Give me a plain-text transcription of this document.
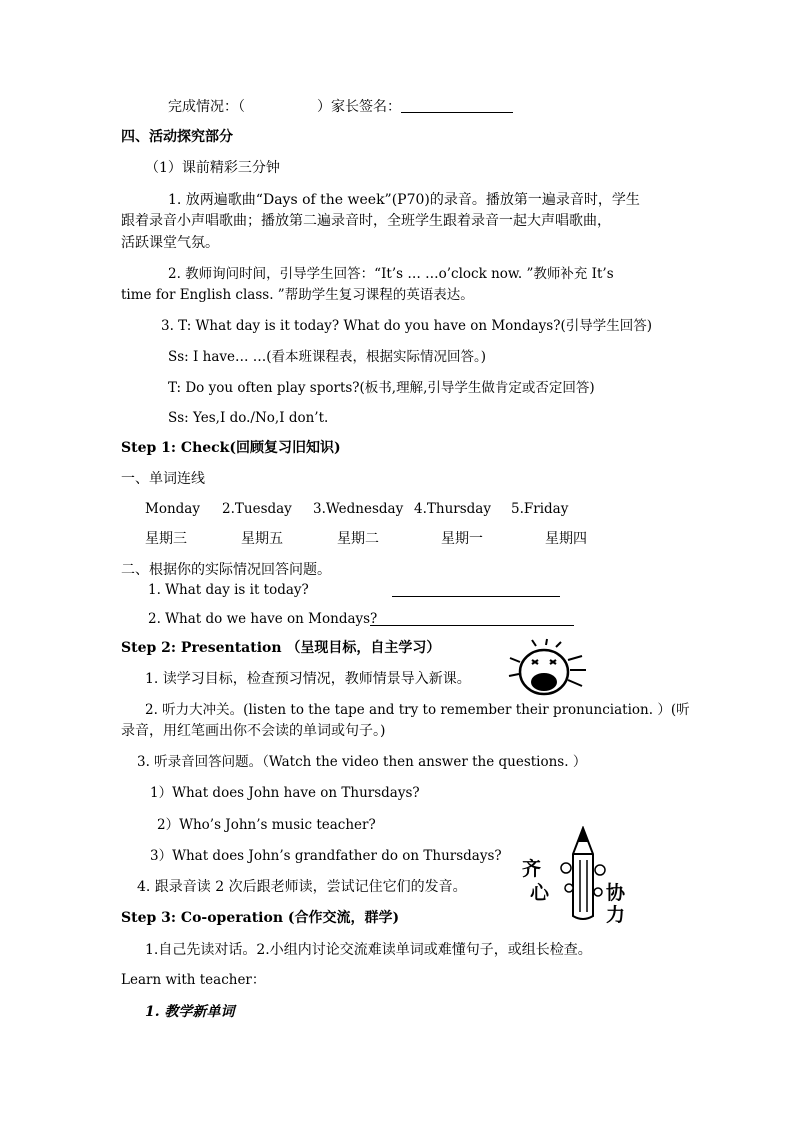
完成情况：（	）家长签名：
四、活动探究部分
（1）课前精彩三分钟
1. 放两遍歌曲“Days of the week”(P70)的录音。播放第一遍录音时，学生
跟着录音小声唱歌曲；播放第二遍录音时，全班学生跟着录音一起大声唱歌曲，
活跃课堂气氛。
2. 教师询问时间，引导学生回答：“It’s … …o’clock now. ”教师补充 It’s
time for English class. ”帮助学生复习课程的英语表达。
3. T: What day is it today? What do you have on Mondays?(引导学生回答)
Ss: I have… …(看本班课程表，根据实际情况回答。)
T: Do you often play sports?(板书,理解,引导学生做肯定或否定回答)
Ss: Yes,I do./No,I don’t.
Step 1: Check(回顾复习旧知识)
一、单词连线
Monday 2.Tuesday 3.Wednesday 4.Thursday 5.Friday
星期三	星期五	星期二	星期一	星期四
二、根据你的实际情况回答问题。
1. What day is it today?
2. What do we have on Mondays?
Step 2: Presentation （呈现目标，自主学习）
1. 读学习目标，检查预习情况，教师情景导入新课。
2. 听力大冲关。(listen to the tape and try to remember their pronunciation. ）(听
录音，用红笔画出你不会读的单词或句子。)
3. 听录音回答问题。（Watch the video then answer the questions. ）
1）What does John have on Thursdays?
2）Who’s John’s music teacher?
3）What does John’s grandfather do on Thursdays?
4. 跟录音读 2 次后跟老师读，尝试记住它们的发音。
齐
心	协
力
Step 3: Co-operation (合作交流，群学)
1.自己先读对话。2.小组内讨论交流难读单词或难懂句子，或组长检查。
Learn with teacher：
1. 教学新单词
